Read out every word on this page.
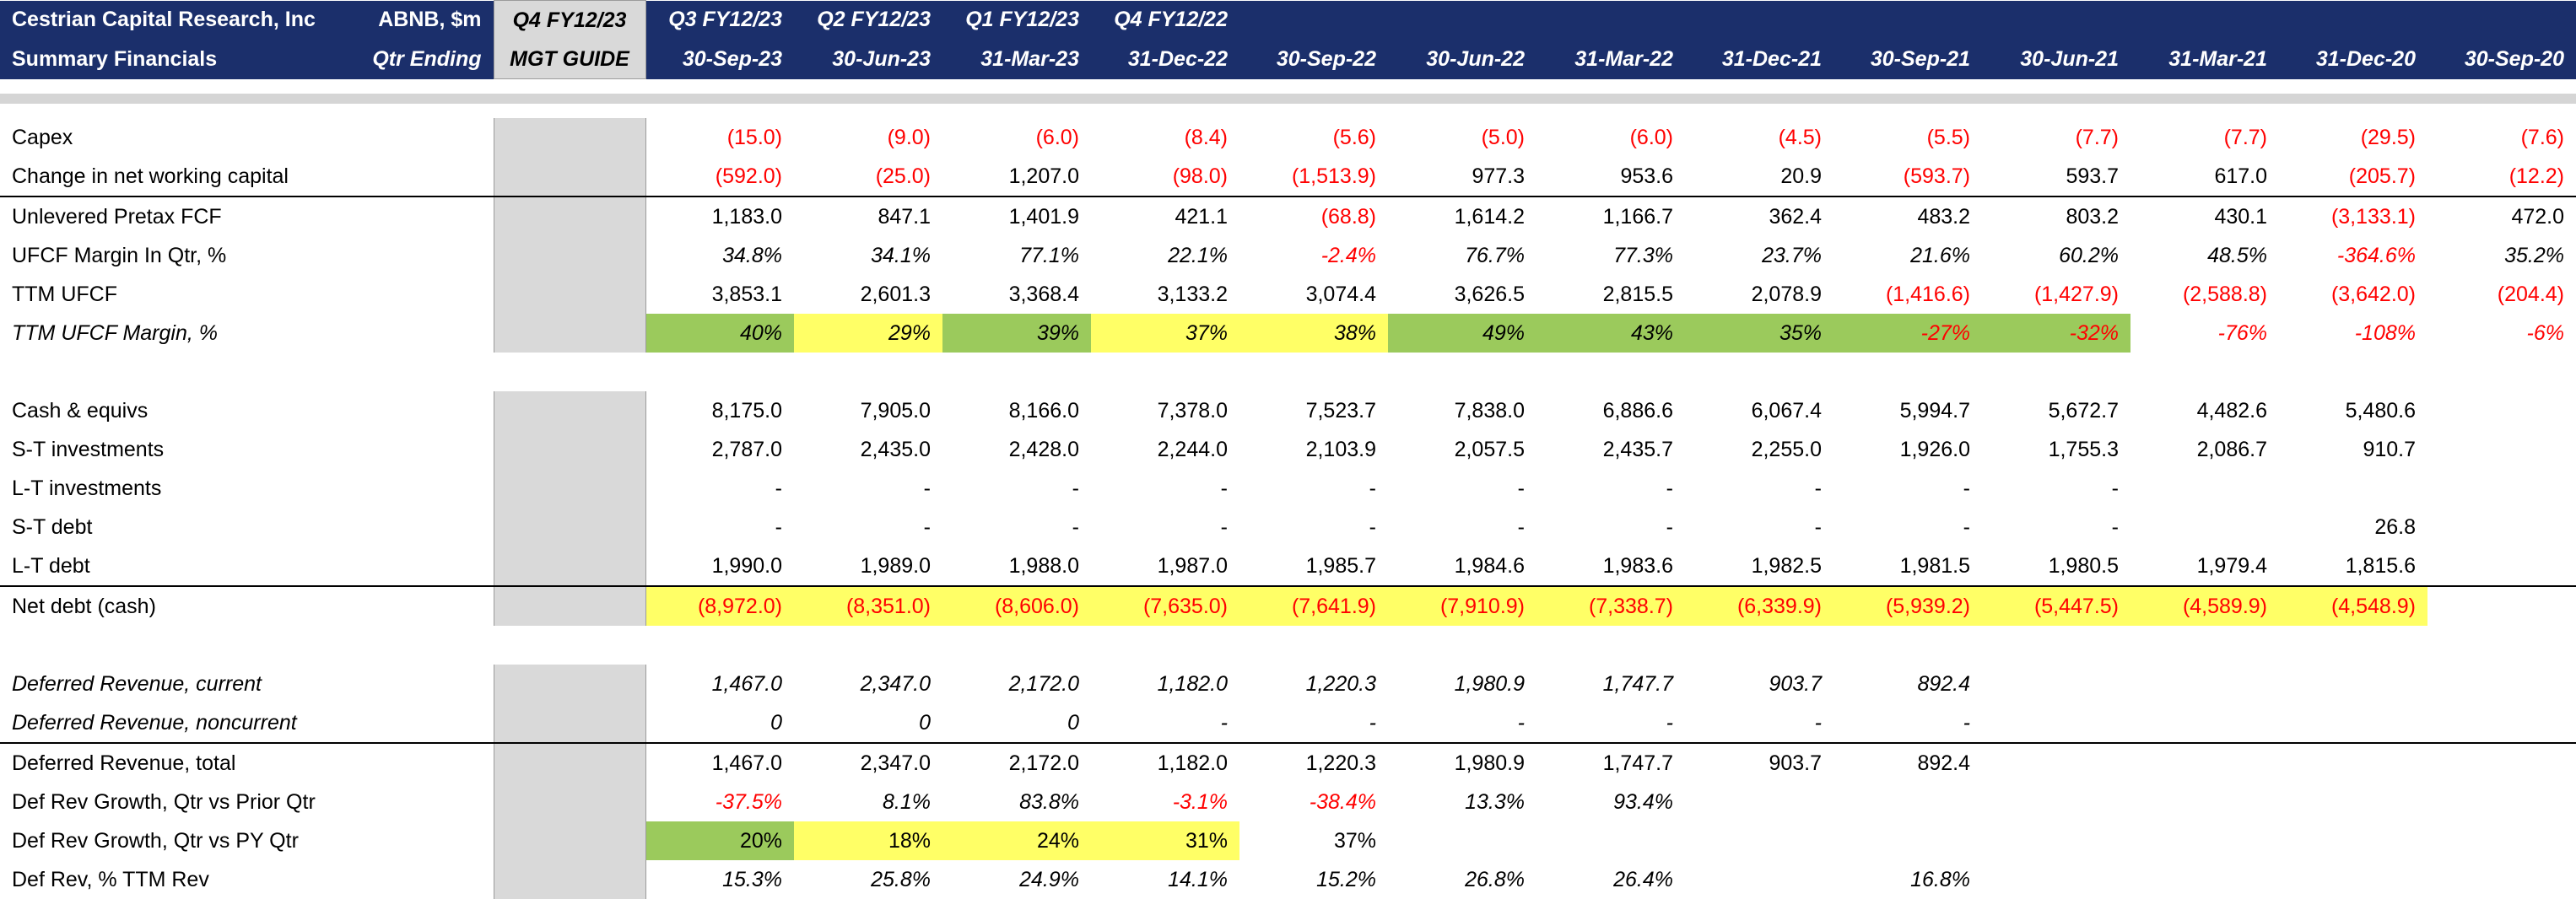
Cestrian Capital Research, Inc	ABNB, $m	Q4 FY12/23	Q3 FY12/23	Q2 FY12/23	Q1 FY12/23	Q4 FY12/22									
Summary Financials	Qtr Ending	MGT GUIDE	30-Sep-23	30-Jun-23	31-Mar-23	31-Dec-22	30-Sep-22	30-Jun-22	31-Mar-22	31-Dec-21	30-Sep-21	30-Jun-21	31-Mar-21	31-Dec-20	30-Sep-20

Capex			(15.0)	(9.0)	(6.0)	(8.4)	(5.6)	(5.0)	(6.0)	(4.5)	(5.5)	(7.7)	(7.7)	(29.5)	(7.6)
Change in net working capital			(592.0)	(25.0)	1,207.0	(98.0)	(1,513.9)	977.3	953.6	20.9	(593.7)	593.7	617.0	(205.7)	(12.2)
Unlevered Pretax FCF			1,183.0	847.1	1,401.9	421.1	(68.8)	1,614.2	1,166.7	362.4	483.2	803.2	430.1	(3,133.1)	472.0
UFCF Margin In Qtr, %			34.8%	34.1%	77.1%	22.1%	-2.4%	76.7%	77.3%	23.7%	21.6%	60.2%	48.5%	-364.6%	35.2%
TTM UFCF			3,853.1	2,601.3	3,368.4	3,133.2	3,074.4	3,626.5	2,815.5	2,078.9	(1,416.6)	(1,427.9)	(2,588.8)	(3,642.0)	(204.4)
TTM UFCF Margin, %			40%	29%	39%	37%	38%	49%	43%	35%	-27%	-32%	-76%	-108%	-6%

Cash & equivs			8,175.0	7,905.0	8,166.0	7,378.0	7,523.7	7,838.0	6,886.6	6,067.4	5,994.7	5,672.7	4,482.6	5,480.6	
S-T investments			2,787.0	2,435.0	2,428.0	2,244.0	2,103.9	2,057.5	2,435.7	2,255.0	1,926.0	1,755.3	2,086.7	910.7	
L-T investments			-	-	-	-	-	-	-	-	-	-			
S-T debt			-	-	-	-	-	-	-	-	-	-		26.8	
L-T debt			1,990.0	1,989.0	1,988.0	1,987.0	1,985.7	1,984.6	1,983.6	1,982.5	1,981.5	1,980.5	1,979.4	1,815.6	
Net debt (cash)			(8,972.0)	(8,351.0)	(8,606.0)	(7,635.0)	(7,641.9)	(7,910.9)	(7,338.7)	(6,339.9)	(5,939.2)	(5,447.5)	(4,589.9)	(4,548.9)	

Deferred Revenue, current			1,467.0	2,347.0	2,172.0	1,182.0	1,220.3	1,980.9	1,747.7	903.7	892.4				
Deferred Revenue, noncurrent			0	0	0	-	-	-	-	-	-				
Deferred Revenue, total			1,467.0	2,347.0	2,172.0	1,182.0	1,220.3	1,980.9	1,747.7	903.7	892.4				
Def Rev Growth, Qtr vs Prior Qtr			-37.5%	8.1%	83.8%	-3.1%	-38.4%	13.3%	93.4%						
Def Rev Growth, Qtr vs PY Qtr			20%	18%	24%	31%	37%								
Def Rev, % TTM Rev			15.3%	25.8%	24.9%	14.1%	15.2%	26.8%	26.4%		16.8%				
